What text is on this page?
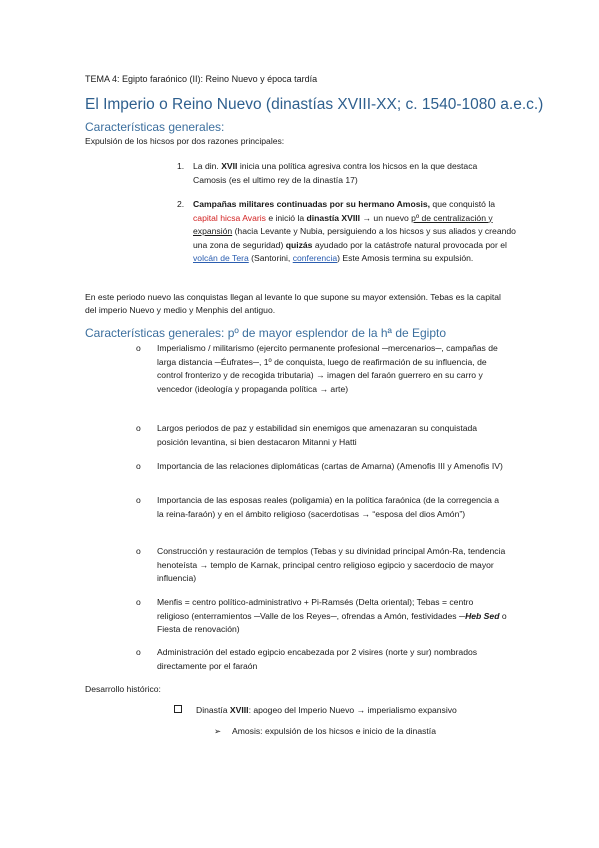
TEMA 4: Egipto faraónico (II): Reino Nuevo y época tardía
El Imperio o Reino Nuevo (dinastías XVIII-XX; c. 1540-1080 a.e.c.)
Características generales:
Expulsión de los hicsos por dos razones principales:
1. La din. XVII inicia una política agresiva contra los hicsos en la que destaca Camosis (es el ultimo rey de la dinastía 17)
2. Campañas militares continuadas por su hermano Amosis, que conquistó la capital hicsa Avaris e inició la dinastía XVIII → un nuevo pº de centralización y expansión (hacia Levante y Nubia, persiguiendo a los hicsos y sus aliados y creando una zona de seguridad) quizás ayudado por la catástrofe natural provocada por el volcán de Tera (Santorini, conferencia) Este Amosis termina su expulsión.
En este periodo nuevo las conquistas llegan al levante lo que supone su mayor extensión. Tebas es la capital del imperio Nuevo y medio y Menphis del antiguo.
Características generales: pº de mayor esplendor de la hª de Egipto
o Imperialismo / militarismo (ejercito permanente profesional ─mercenarios─, campañas de larga distancia ─Éufrates─, 1º de conquista, luego de reafirmación de su influencia, de control fronterizo y de recogida tributaria) → imagen del faraón guerrero en su carro y vencedor (ideología y propaganda política → arte)
o Largos periodos de paz y estabilidad sin enemigos que amenazaran su conquistada posición levantina, si bien destacaron Mitanni y Hatti
o Importancia de las relaciones diplomáticas (cartas de Amarna) (Amenofis III y Amenofis IV)
o Importancia de las esposas reales (poligamia) en la política faraónica (de la corregencia a la reina-faraón) y en el ámbito religioso (sacerdotisas → “esposa del dios Amón”)
o Construcción y restauración de templos (Tebas y su divinidad principal Amón-Ra, tendencia henoteísta → templo de Karnak, principal centro religioso egipcio y sacerdocio de mayor influencia)
o Menfis = centro político-administrativo + Pi-Ramsés (Delta oriental); Tebas = centro religioso (enterramientos ─Valle de los Reyes─, ofrendas a Amón, festividades ─Heb Sed o Fiesta de renovación)
o Administración del estado egipcio encabezada por 2 visires (norte y sur) nombrados directamente por el faraón
Desarrollo histórico:
Dinastía XVIII: apogeo del Imperio Nuevo → imperialismo expansivo
➢ Amosis: expulsión de los hicsos e inicio de la dinastía
